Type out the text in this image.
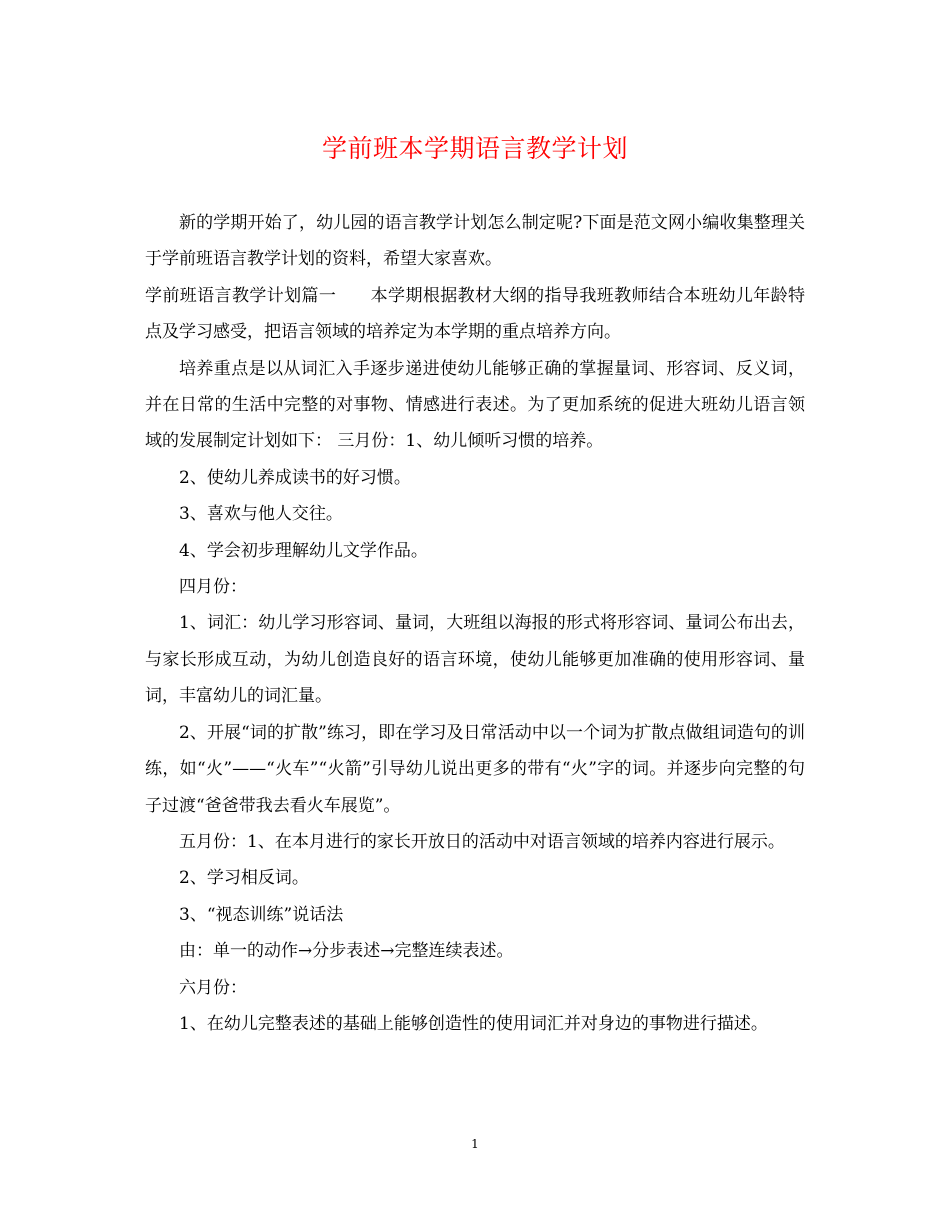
学前班本学期语言教学计划

新的学期开始了，幼儿园的语言教学计划怎么制定呢?下面是范文网小编收集整理关于学前班语言教学计划的资料，希望大家喜欢。

学前班语言教学计划篇一 本学期根据教材大纲的指导我班教师结合本班幼儿年龄特点及学习感受，把语言领域的培养定为本学期的重点培养方向。

培养重点是以从词汇入手逐步递进使幼儿能够正确的掌握量词、形容词、反义词，并在日常的生活中完整的对事物、情感进行表述。为了更加系统的促进大班幼儿语言领域的发展制定计划如下： 三月份：1、幼儿倾听习惯的培养。

2、使幼儿养成读书的好习惯。

3、喜欢与他人交往。

4、学会初步理解幼儿文学作品。

四月份：

1、词汇：幼儿学习形容词、量词，大班组以海报的形式将形容词、量词公布出去，与家长形成互动，为幼儿创造良好的语言环境，使幼儿能够更加准确的使用形容词、量词，丰富幼儿的词汇量。

2、开展“词的扩散”练习，即在学习及日常活动中以一个词为扩散点做组词造句的训练，如“火”——“火车”“火箭”引导幼儿说出更多的带有“火”字的词。并逐步向完整的句子过渡“爸爸带我去看火车展览”。

五月份：1、在本月进行的家长开放日的活动中对语言领域的培养内容进行展示。

2、学习相反词。

3、“视态训练”说话法

由：单一的动作→分步表述→完整连续表述。

六月份：

1、在幼儿完整表述的基础上能够创造性的使用词汇并对身边的事物进行描述。

1
